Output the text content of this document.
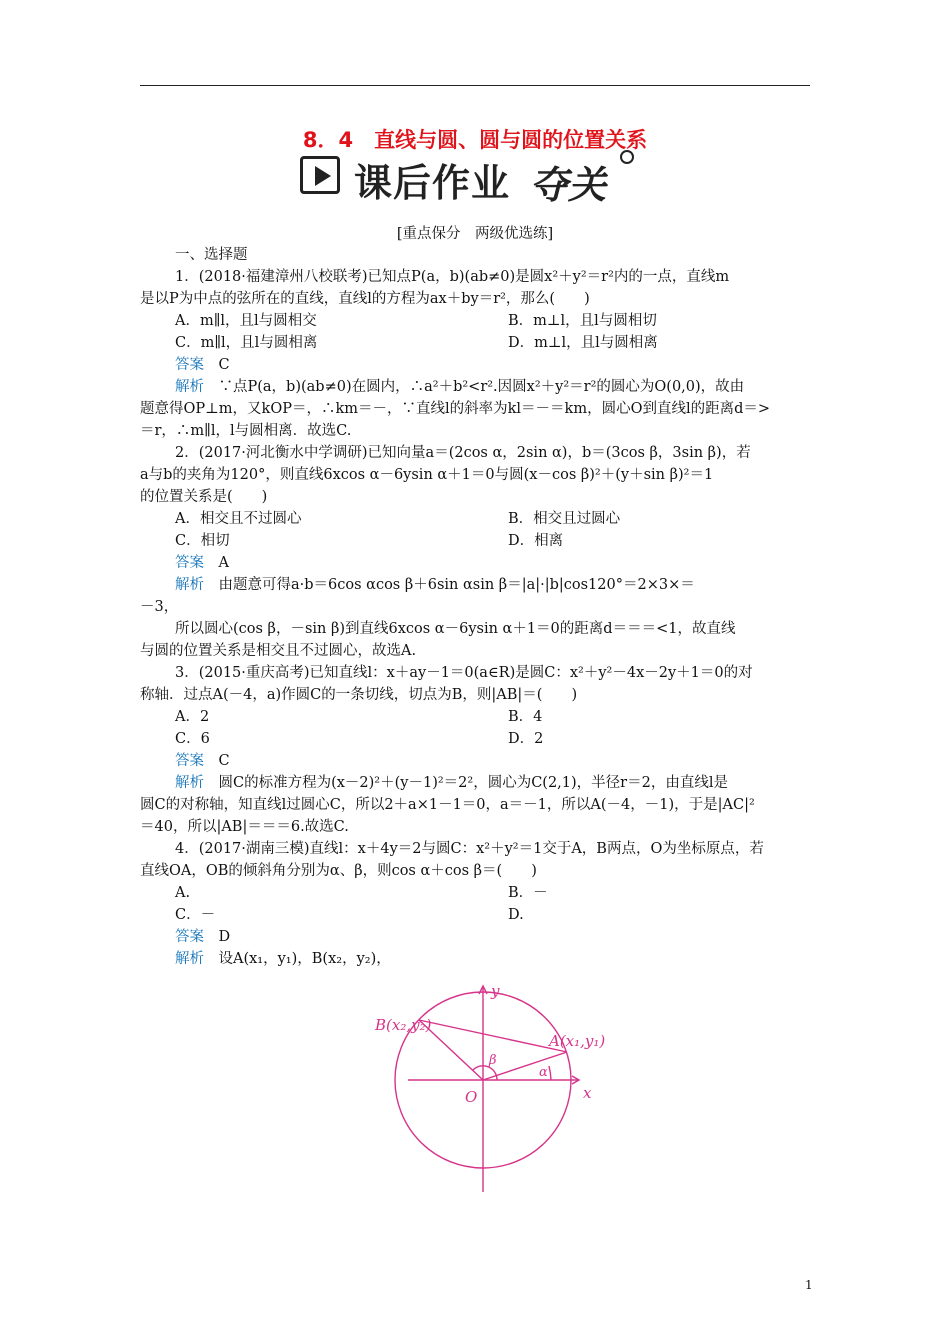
8．4　直线与圆、圆与圆的位置关系
课后作业 夺关
[重点保分　两级优选练]
一、选择题
1．(2018·福建漳州八校联考)已知点P(a，b)(ab≠0)是圆x²＋y²＝r²内的一点，直线m
是以P为中点的弦所在的直线，直线l的方程为ax＋by＝r²，那么(　　)
A．m∥l，且l与圆相交	B．m⊥l，且l与圆相切
C．m∥l，且l与圆相离	D．m⊥l，且l与圆相离
答案　C
解析　∵点P(a，b)(ab≠0)在圆内，∴a²＋b²<r².因圆x²＋y²＝r²的圆心为O(0,0)，故由
题意得OP⊥m，又kOP＝，∴km＝－，∵直线l的斜率为kl＝－＝km，圆心O到直线l的距离d＝>
＝r，∴m∥l，l与圆相离．故选C.
2．(2017·河北衡水中学调研)已知向量a＝(2cos α，2sin α)，b＝(3cos β，3sin β)，若
a与b的夹角为120°，则直线6xcos α－6ysin α＋1＝0与圆(x－cos β)²＋(y＋sin β)²＝1
的位置关系是(　　)
A．相交且不过圆心	B．相交且过圆心
C．相切	D．相离
答案　A
解析　由题意可得a·b＝6cos αcos β＋6sin αsin β＝|a|·|b|cos120°＝2×3×＝
－3，
所以圆心(cos β，－sin β)到直线6xcos α－6ysin α＋1＝0的距离d＝＝＝<1，故直线
与圆的位置关系是相交且不过圆心，故选A.
3．(2015·重庆高考)已知直线l：x＋ay－1＝0(a∈R)是圆C：x²＋y²－4x－2y＋1＝0的对
称轴．过点A(－4，a)作圆C的一条切线，切点为B，则|AB|＝(　　)
A．2	B．4
C．6	D．2
答案　C
解析　圆C的标准方程为(x－2)²＋(y－1)²＝2²，圆心为C(2,1)，半径r＝2，由直线l是
圆C的对称轴，知直线l过圆心C，所以2＋a×1－1＝0，a＝－1，所以A(－4，－1)，于是|AC|²
＝40，所以|AB|＝＝＝6.故选C.
4．(2017·湖南三模)直线l：x＋4y＝2与圆C：x²＋y²＝1交于A，B两点，O为坐标原点，若
直线OA，OB的倾斜角分别为α、β，则cos α＋cos β＝(　　)
A.	B．－
C．－	D.
答案　D
解析　设A(x₁，y₁)，B(x₂，y₂)，
y
x
O
A(x₁,y₁)
B(x₂,y₂)
α
β
1
